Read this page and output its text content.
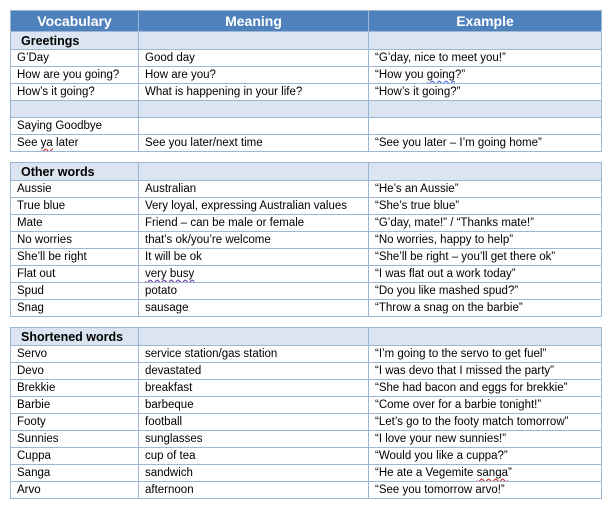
Vocabulary	Meaning	Example
Greetings		
G’Day	Good day	“G’day, nice to meet you!”
How are you going?	How are you?	“How you going?”
How’s it going?	What is happening in your life?	“How’s it going?”

Saying Goodbye		
See ya later	See you later/next time	“See you later – I’m going home”

Other words		
Aussie	Australian	“He’s an Aussie”
True blue	Very loyal, expressing Australian values	“She’s true blue”
Mate	Friend – can be male or female	“G’day, mate!” / “Thanks mate!”
No worries	that’s ok/you’re welcome	“No worries, happy to help”
She’ll be right	It will be ok	“She’ll be right – you’ll get there ok”
Flat out	very busy	“I was flat out a work today”
Spud	potato	“Do you like mashed spud?”
Snag	sausage	“Throw a snag on the barbie”

Shortened words		
Servo	service station/gas station	“I’m going to the servo to get fuel”
Devo	devastated	“I was devo that I missed the party”
Brekkie	breakfast	“She had bacon and eggs for brekkie”
Barbie	barbeque	“Come over for a barbie tonight!”
Footy	football	“Let’s go to the footy match tomorrow”
Sunnies	sunglasses	“I love your new sunnies!”
Cuppa	cup of tea	“Would you like a cuppa?”
Sanga	sandwich	“He ate a Vegemite sanga”
Arvo	afternoon	“See you tomorrow arvo!”
